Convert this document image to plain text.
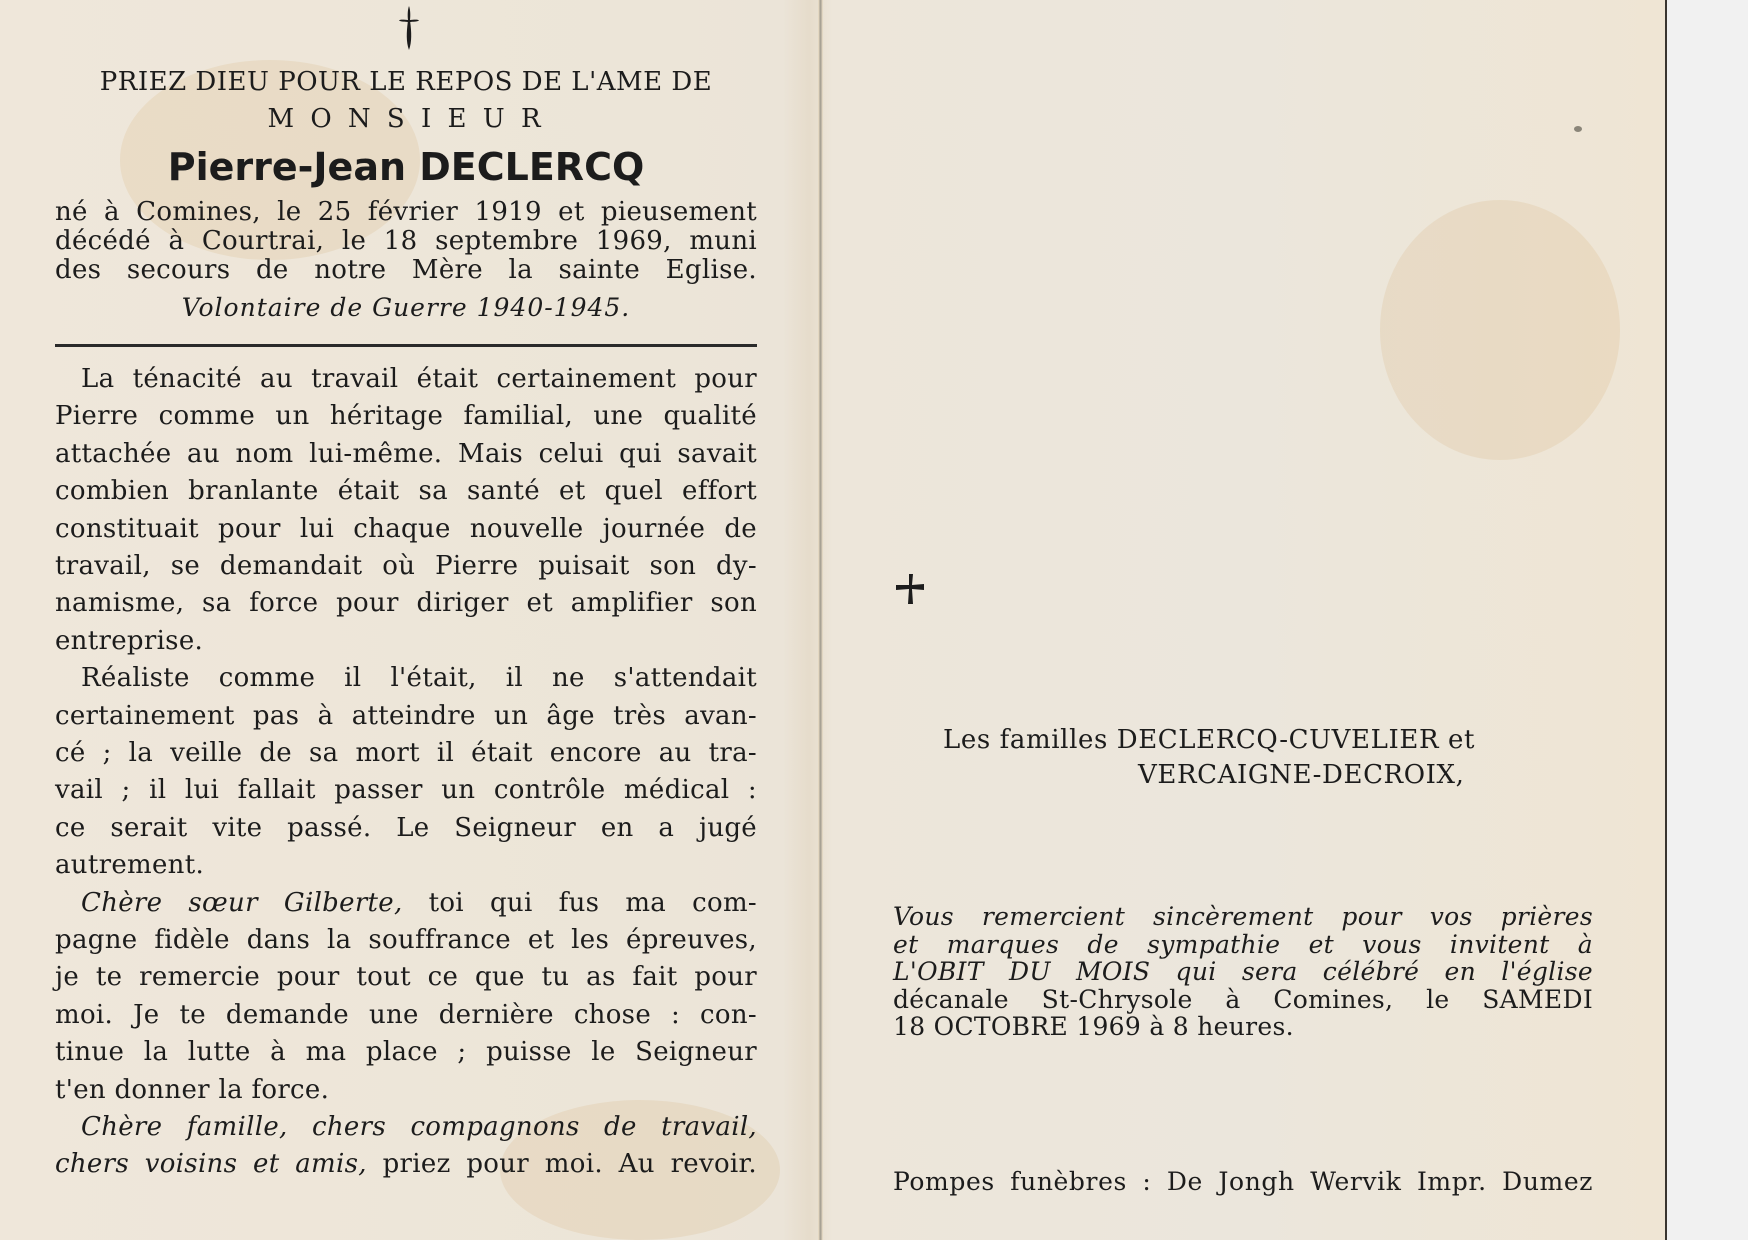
PRIEZ DIEU POUR LE REPOS DE L'AME DE
M O N S I E U R
Pierre-Jean DECLERCQ
né à Comines, le 25 février 1919 et pieusement
décédé à Courtrai, le 18 septembre 1969, muni
des secours de notre Mère la sainte Eglise.
Volontaire de Guerre 1940-1945.
La ténacité au travail était certainement pour
Pierre comme un héritage familial, une qualité
attachée au nom lui-même. Mais celui qui savait
combien branlante était sa santé et quel effort
constituait pour lui chaque nouvelle journée de
travail, se demandait où Pierre puisait son dy-
namisme, sa force pour diriger et amplifier son
entreprise.
Réaliste comme il l'était, il ne s'attendait
certainement pas à atteindre un âge très avan-
cé ; la veille de sa mort il était encore au tra-
vail ; il lui fallait passer un contrôle médical :
ce serait vite passé. Le Seigneur en a jugé
autrement.
Chère sœur Gilberte, toi qui fus ma com-
pagne fidèle dans la souffrance et les épreuves,
je te remercie pour tout ce que tu as fait pour
moi. Je te demande une dernière chose : con-
tinue la lutte à ma place ; puisse le Seigneur
t'en donner la force.
Chère famille, chers compagnons de travail,
chers voisins et amis, priez pour moi. Au revoir.
Les familles DECLERCQ-CUVELIER et
VERCAIGNE-DECROIX,
Vous remercient sincèrement pour vos prières
et marques de sympathie et vous invitent à
L'OBIT DU MOIS qui sera célébré en l'église
décanale St-Chrysole à Comines, le SAMEDI
18 OCTOBRE 1969 à 8 heures.
Pompes funèbres : De Jongh Wervik Impr. Dumez
